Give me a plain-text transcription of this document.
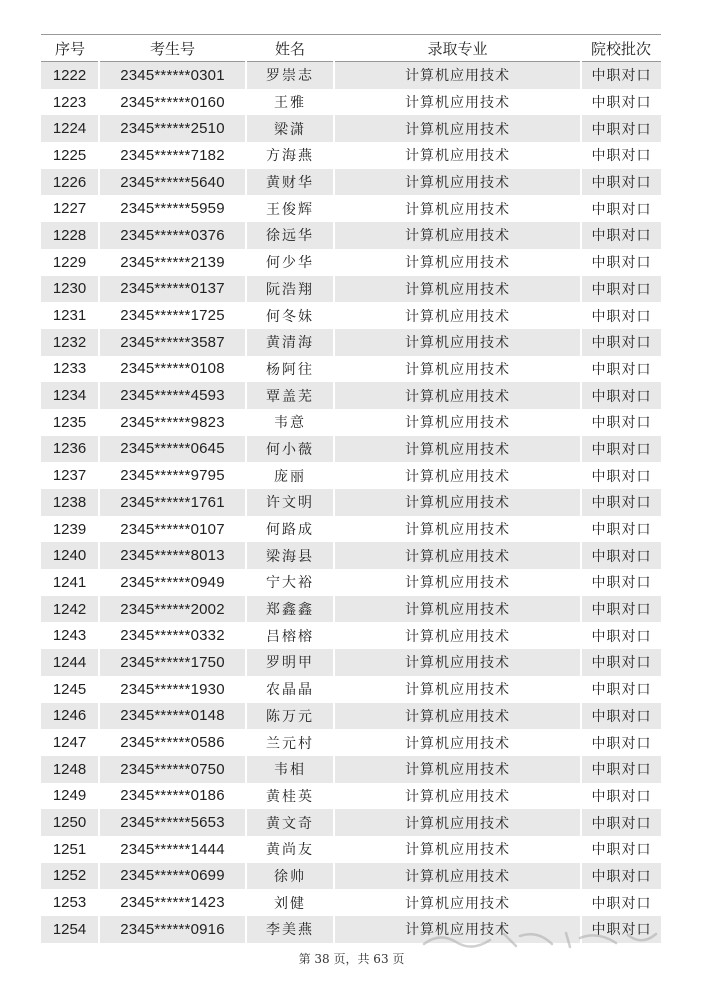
序号	考生号	姓名	录取专业	院校批次
1222	2345******0301	罗崇志	计算机应用技术	中职对口
1223	2345******0160	王雅	计算机应用技术	中职对口
1224	2345******2510	梁潇	计算机应用技术	中职对口
1225	2345******7182	方海燕	计算机应用技术	中职对口
1226	2345******5640	黄财华	计算机应用技术	中职对口
1227	2345******5959	王俊辉	计算机应用技术	中职对口
1228	2345******0376	徐远华	计算机应用技术	中职对口
1229	2345******2139	何少华	计算机应用技术	中职对口
1230	2345******0137	阮浩翔	计算机应用技术	中职对口
1231	2345******1725	何冬妹	计算机应用技术	中职对口
1232	2345******3587	黄清海	计算机应用技术	中职对口
1233	2345******0108	杨阿往	计算机应用技术	中职对口
1234	2345******4593	覃盖芜	计算机应用技术	中职对口
1235	2345******9823	韦意	计算机应用技术	中职对口
1236	2345******0645	何小薇	计算机应用技术	中职对口
1237	2345******9795	庞丽	计算机应用技术	中职对口
1238	2345******1761	许文明	计算机应用技术	中职对口
1239	2345******0107	何路成	计算机应用技术	中职对口
1240	2345******8013	梁海县	计算机应用技术	中职对口
1241	2345******0949	宁大裕	计算机应用技术	中职对口
1242	2345******2002	郑鑫鑫	计算机应用技术	中职对口
1243	2345******0332	吕榕榕	计算机应用技术	中职对口
1244	2345******1750	罗明甲	计算机应用技术	中职对口
1245	2345******1930	农晶晶	计算机应用技术	中职对口
1246	2345******0148	陈万元	计算机应用技术	中职对口
1247	2345******0586	兰元村	计算机应用技术	中职对口
1248	2345******0750	韦相	计算机应用技术	中职对口
1249	2345******0186	黄桂英	计算机应用技术	中职对口
1250	2345******5653	黄文奇	计算机应用技术	中职对口
1251	2345******1444	黄尚友	计算机应用技术	中职对口
1252	2345******0699	徐帅	计算机应用技术	中职对口
1253	2345******1423	刘健	计算机应用技术	中职对口
1254	2345******0916	李美燕	计算机应用技术	中职对口
第 38 页，共 63 页
